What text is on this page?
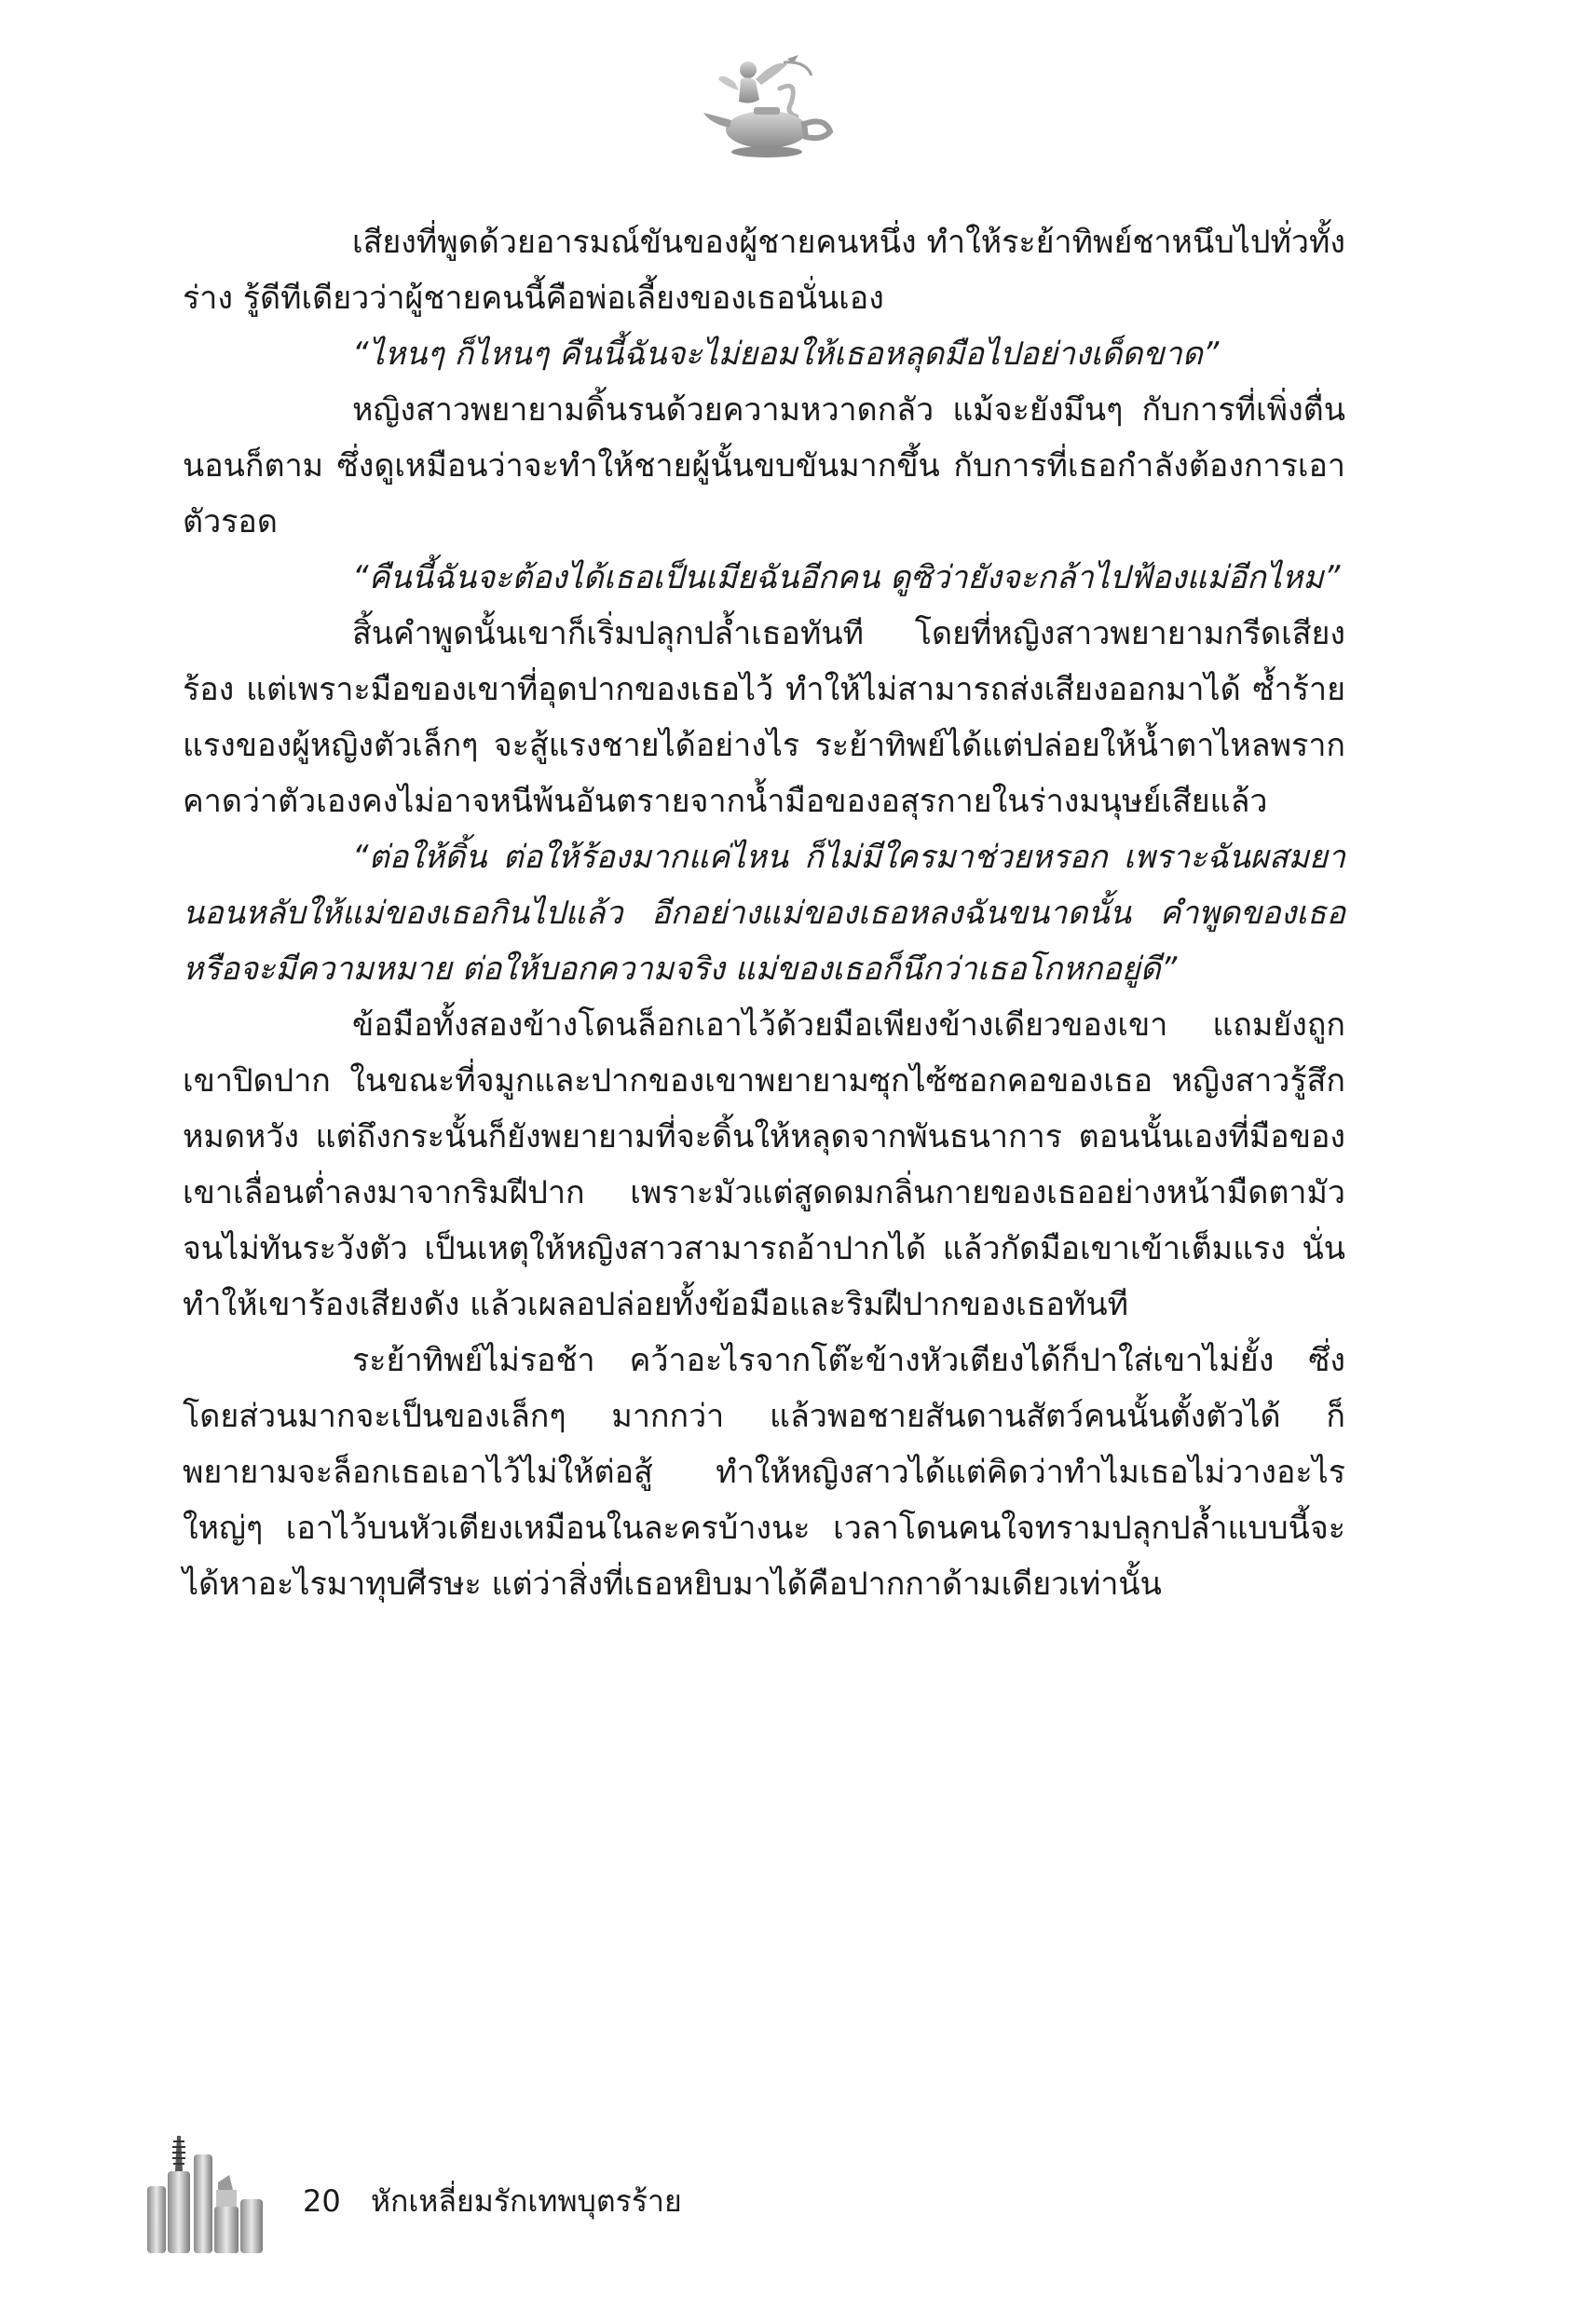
เสียงที่พูดด้วยอารมณ์ขันของผู้ชายคนหนึ่ง ทำให้ระย้าทิพย์ชาหนึบไปทั่วทั้งร่าง รู้ดีทีเดียวว่าผู้ชายคนนี้คือพ่อเลี้ยงของเธอนั่นเอง

“ไหนๆ ก็ไหนๆ คืนนี้ฉันจะไม่ยอมให้เธอหลุดมือไปอย่างเด็ดขาด”

หญิงสาวพยายามดิ้นรนด้วยความหวาดกลัว แม้จะยังมึนๆ กับการที่เพิ่งตื่นนอนก็ตาม ซึ่งดูเหมือนว่าจะทำให้ชายผู้นั้นขบขันมากขึ้น กับการที่เธอกำลังต้องการเอาตัวรอด

“คืนนี้ฉันจะต้องได้เธอเป็นเมียฉันอีกคน ดูซิว่ายังจะกล้าไปฟ้องแม่อีกไหม”

สิ้นคำพูดนั้นเขาก็เริ่มปลุกปล้ำเธอทันที โดยที่หญิงสาวพยายามกรีดเสียงร้อง แต่เพราะมือของเขาที่อุดปากของเธอไว้ ทำให้ไม่สามารถส่งเสียงออกมาได้ ซ้ำร้ายแรงของผู้หญิงตัวเล็กๆ จะสู้แรงชายได้อย่างไร ระย้าทิพย์ได้แต่ปล่อยให้น้ำตาไหลพราก คาดว่าตัวเองคงไม่อาจหนีพ้นอันตรายจากน้ำมือของอสุรกายในร่างมนุษย์เสียแล้ว

“ต่อให้ดิ้น ต่อให้ร้องมากแค่ไหน ก็ไม่มีใครมาช่วยหรอก เพราะฉันผสมยานอนหลับให้แม่ของเธอกินไปแล้ว อีกอย่างแม่ของเธอหลงฉันขนาดนั้น คำพูดของเธอหรือจะมีความหมาย ต่อให้บอกความจริง แม่ของเธอก็นึกว่าเธอโกหกอยู่ดี”

ข้อมือทั้งสองข้างโดนล็อกเอาไว้ด้วยมือเพียงข้างเดียวของเขา แถมยังถูกเขาปิดปาก ในขณะที่จมูกและปากของเขาพยายามซุกไซ้ซอกคอของเธอ หญิงสาวรู้สึกหมดหวัง แต่ถึงกระนั้นก็ยังพยายามที่จะดิ้นให้หลุดจากพันธนาการ ตอนนั้นเองที่มือของเขาเลื่อนต่ำลงมาจากริมฝีปาก เพราะมัวแต่สูดดมกลิ่นกายของเธออย่างหน้ามืดตามัวจนไม่ทันระวังตัว เป็นเหตุให้หญิงสาวสามารถอ้าปากได้ แล้วกัดมือเขาเข้าเต็มแรง นั่นทำให้เขาร้องเสียงดัง แล้วเผลอปล่อยทั้งข้อมือและริมฝีปากของเธอทันที

ระย้าทิพย์ไม่รอช้า คว้าอะไรจากโต๊ะข้างหัวเตียงได้ก็ปาใส่เขาไม่ยั้ง ซึ่งโดยส่วนมากจะเป็นของเล็กๆ มากกว่า แล้วพอชายสันดานสัตว์คนนั้นตั้งตัวได้ ก็พยายามจะล็อกเธอเอาไว้ไม่ให้ต่อสู้ ทำให้หญิงสาวได้แต่คิดว่าทำไมเธอไม่วางอะไรใหญ่ๆ เอาไว้บนหัวเตียงเหมือนในละครบ้างนะ เวลาโดนคนใจทรามปลุกปล้ำแบบนี้จะได้หาอะไรมาทุบศีรษะ แต่ว่าสิ่งที่เธอหยิบมาได้คือปากกาด้ามเดียวเท่านั้น

20 หักเหลี่ยมรักเทพบุตรร้าย
